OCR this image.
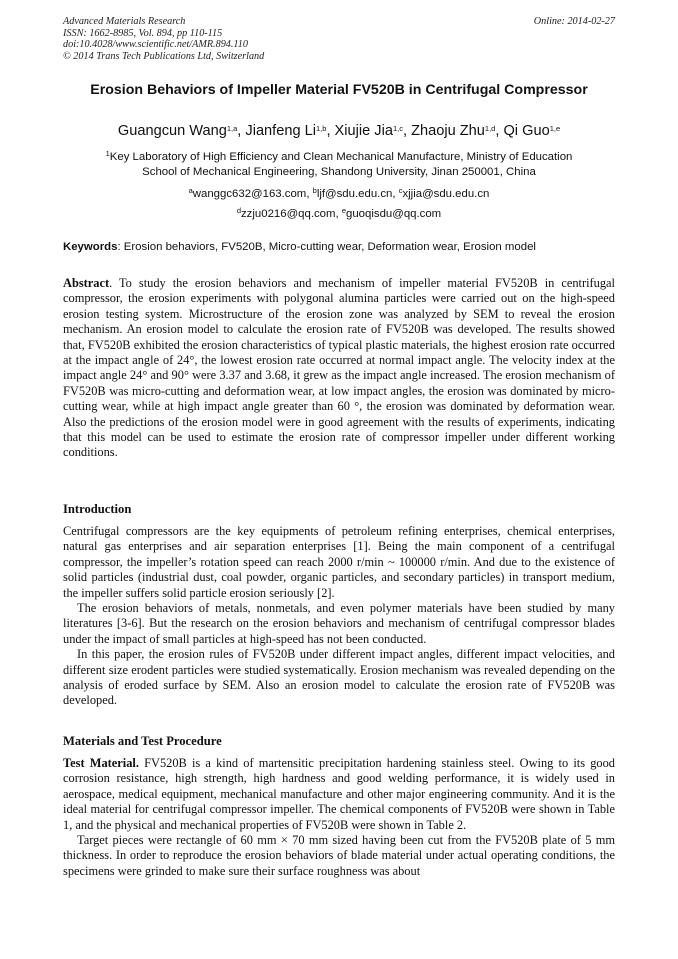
Advanced Materials Research
ISSN: 1662-8985, Vol. 894, pp 110-115
doi:10.4028/www.scientific.net/AMR.894.110
© 2014 Trans Tech Publications Ltd, Switzerland
Online: 2014-02-27
Erosion Behaviors of Impeller Material FV520B in Centrifugal Compressor
Guangcun Wang$^{1,a}$, Jianfeng Li$^{1,b}$, Xiujie Jia$^{1,c}$, Zhaoju Zhu$^{1,d}$, Qi Guo$^{1,e}$
$^1$Key Laboratory of High Efficiency and Clean Mechanical Manufacture, Ministry of Education
School of Mechanical Engineering, Shandong University, Jinan 250001, China
$^a$wanggc632@163.com, $^b$ljf@sdu.edu.cn, $^c$xjjia@sdu.edu.cn
$^d$zzju0216@qq.com, $^e$guoqisdu@qq.com
Keywords: Erosion behaviors, FV520B, Micro-cutting wear, Deformation wear, Erosion model
Abstract. To study the erosion behaviors and mechanism of impeller material FV520B in centrifugal compressor, the erosion experiments with polygonal alumina particles were carried out on the high-speed erosion testing system. Microstructure of the erosion zone was analyzed by SEM to reveal the erosion mechanism. An erosion model to calculate the erosion rate of FV520B was developed. The results showed that, FV520B exhibited the erosion characteristics of typical plastic materials, the highest erosion rate occurred at the impact angle of 24°, the lowest erosion rate occurred at normal impact angle. The velocity index at the impact angle 24° and 90° were 3.37 and 3.68, it grew as the impact angle increased. The erosion mechanism of FV520B was micro-cutting and deformation wear, at low impact angles, the erosion was dominated by micro-cutting wear, while at high impact angle greater than 60 °, the erosion was dominated by deformation wear. Also the predictions of the erosion model were in good agreement with the results of experiments, indicating that this model can be used to estimate the erosion rate of compressor impeller under different working conditions.
Introduction

Centrifugal compressors are the key equipments of petroleum refining enterprises, chemical enterprises, natural gas enterprises and air separation enterprises [1]. Being the main component of a centrifugal compressor, the impeller’s rotation speed can reach 2000 r/min ~ 100000 r/min. And due to the existence of solid particles (industrial dust, coal powder, organic particles, and secondary particles) in transport medium, the impeller suffers solid particle erosion seriously [2].

The erosion behaviors of metals, nonmetals, and even polymer materials have been studied by many literatures [3-6]. But the research on the erosion behaviors and mechanism of centrifugal compressor blades under the impact of small particles at high-speed has not been conducted.

In this paper, the erosion rules of FV520B under different impact angles, different impact velocities, and different size erodent particles were studied systematically. Erosion mechanism was revealed depending on the analysis of eroded surface by SEM. Also an erosion model to calculate the erosion rate of FV520B was developed.

Materials and Test Procedure

Test Material. FV520B is a kind of martensitic precipitation hardening stainless steel. Owing to its good corrosion resistance, high strength, high hardness and good welding performance, it is widely used in aerospace, medical equipment, mechanical manufacture and other major engineering community. And it is the ideal material for centrifugal compressor impeller. The chemical components of FV520B were shown in Table 1, and the physical and mechanical properties of FV520B were shown in Table 2.

Target pieces were rectangle of 60 mm × 70 mm sized having been cut from the FV520B plate of 5 mm thickness. In order to reproduce the erosion behaviors of blade material under actual operating conditions, the specimens were grinded to make sure their surface roughness was about
